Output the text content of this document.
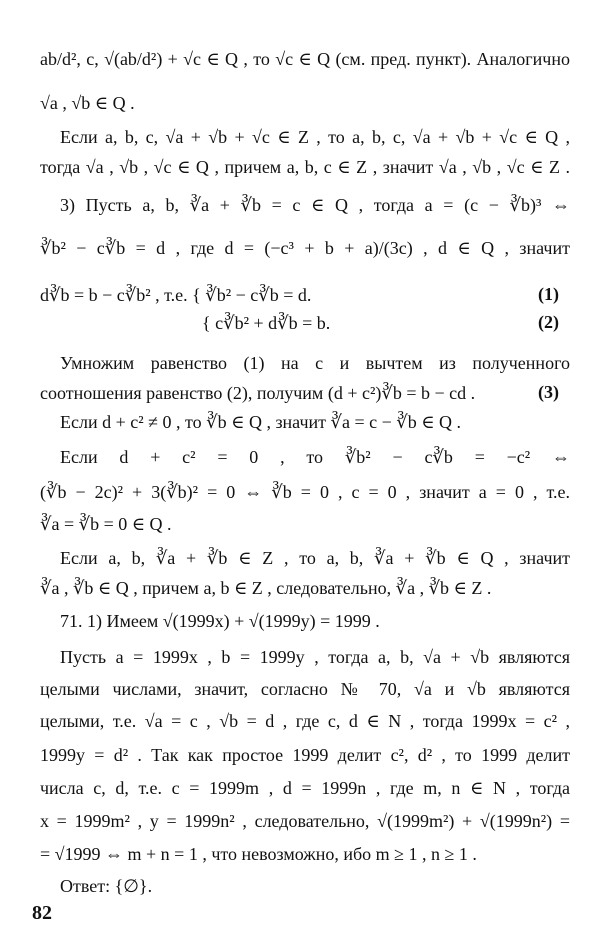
ab/d², c, √(ab/d²) + √c ∈ Q , то √c ∈ Q (см. пред. пункт). Аналогично
√a , √b ∈ Q .
Если a, b, c, √a + √b + √c ∈ Z , то a, b, c, √a + √b + √c ∈ Q ,
тогда √a , √b , √c ∈ Q , причем a, b, c ∈ Z , значит √a , √b , √c ∈ Z .
3) Пусть a, b, ∛a + ∛b = c ∈ Q , тогда a = (c − ∛b)³ ⇔
∛b² − c∛b = d , где d = (−c³ + b + a)/(3c) , d ∈ Q , значит
d∛b = b − c∛b² , т.е. { ∛b² − c∛b = d.
{ c∛b² + d∛b = b.
(1)
(2)
Умножим равенство (1) на c и вычтем из полученного
соотношения равенство (2), получим (d + c²)∛b = b − cd .	(3)
Если d + c² ≠ 0 , то ∛b ∈ Q , значит ∛a = c − ∛b ∈ Q .
Если d + c² = 0 , то ∛b² − c∛b = −c² ⇔
(∛b − 2c)² + 3(∛b)² = 0 ⇔ ∛b = 0 , c = 0 , значит a = 0 , т.е.
∛a = ∛b = 0 ∈ Q .
Если a, b, ∛a + ∛b ∈ Z , то a, b, ∛a + ∛b ∈ Q , значит
∛a , ∛b ∈ Q , причем a, b ∈ Z , следовательно, ∛a , ∛b ∈ Z .
71. 1) Имеем √(1999x) + √(1999y) = 1999 .
Пусть a = 1999x , b = 1999y , тогда a, b, √a + √b являются
целыми числами, значит, согласно № 70, √a и √b являются
целыми, т.е. √a = c , √b = d , где c, d ∈ N , тогда 1999x = c² ,
1999y = d² . Так как простое 1999 делит c², d² , то 1999 делит
числа c, d, т.е. c = 1999m , d = 1999n , где m, n ∈ N , тогда
x = 1999m² , y = 1999n² , следовательно, √(1999m²) + √(1999n²) =
= √1999 ⇔ m + n = 1 , что невозможно, ибо m ≥ 1 , n ≥ 1 .
Ответ: {∅}.
82
